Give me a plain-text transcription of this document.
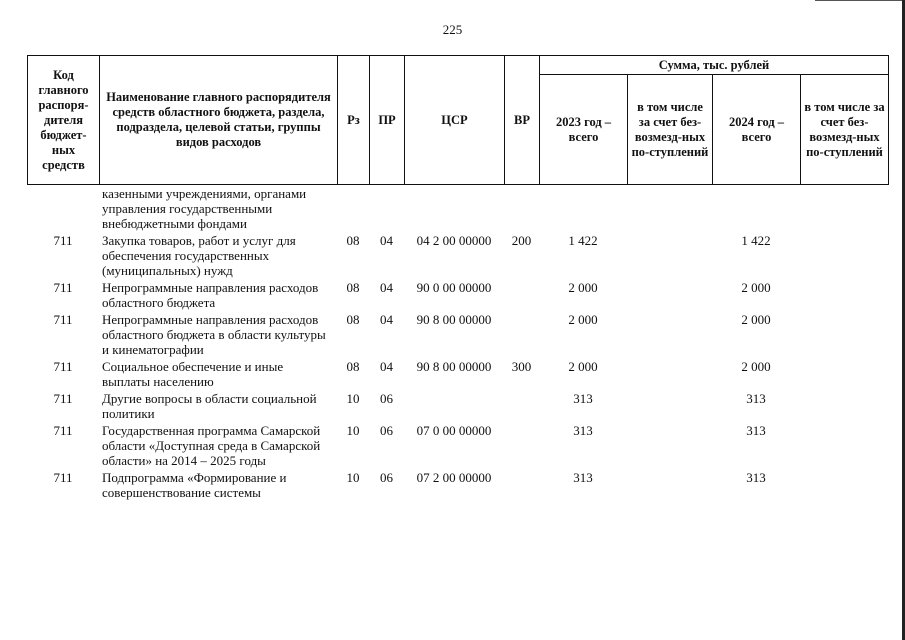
225
Код главного распоря-дителя бюджет-ных средств	Наименование главного распорядителя средств областного бюджета, раздела, подраздела, целевой статьи, группы видов расходов	Рз	ПР	ЦСР	ВР	Сумма, тыс. рублей			
						2023 год – всего	в том числе за счет без-возмезд-ных по-ступлений	2024 год – всего	в том числе за счет без-возмезд-ных по-ступлений
	казенными учреждениями, органами управления государственными внебюджетными фондами								
711	Закупка товаров, работ и услуг для обеспечения государственных (муниципальных) нужд	08	04	04 2 00 00000	200	1 422		1 422	
711	Непрограммные направления расходов областного бюджета	08	04	90 0 00 00000		2 000		2 000	
711	Непрограммные направления расходов областного бюджета в области культуры и кинематографии	08	04	90 8 00 00000		2 000		2 000	
711	Социальное обеспечение и иные выплаты населению	08	04	90 8 00 00000	300	2 000		2 000	
711	Другие вопросы в области социальной политики	10	06			313		313	
711	Государственная программа Самарской области «Доступная среда в Самарской области» на 2014 – 2025 годы	10	06	07 0 00 00000		313		313	
711	Подпрограмма «Формирование и совершенствование системы	10	06	07 2 00 00000		313		313	
